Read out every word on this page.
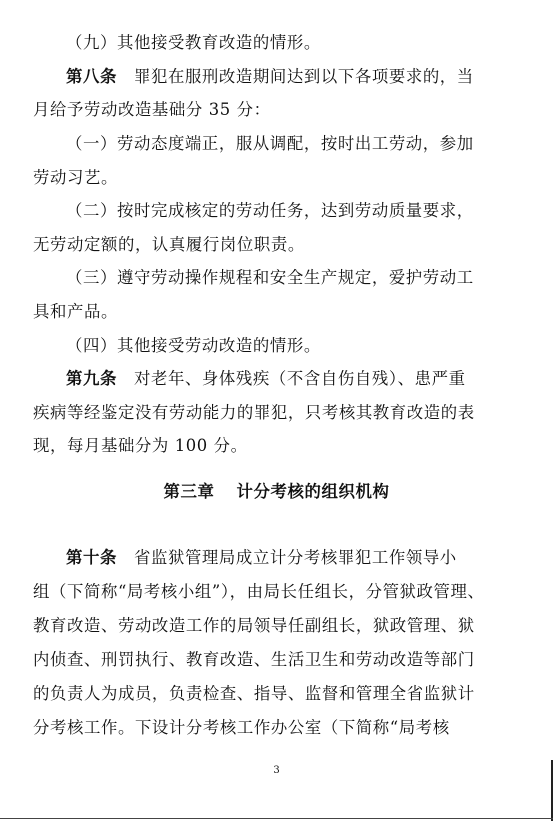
（九）其他接受教育改造的情形。
第八条　罪犯在服刑改造期间达到以下各项要求的，当
月给予劳动改造基础分 35 分：
（一）劳动态度端正，服从调配，按时出工劳动，参加
劳动习艺。
（二）按时完成核定的劳动任务，达到劳动质量要求，
无劳动定额的，认真履行岗位职责。
（三）遵守劳动操作规程和安全生产规定，爱护劳动工
具和产品。
（四）其他接受劳动改造的情形。
第九条　对老年、身体残疾（不含自伤自残）、患严重
疾病等经鉴定没有劳动能力的罪犯，只考核其教育改造的表
现，每月基础分为 100 分。
第三章 计分考核的组织机构
第十条　省监狱管理局成立计分考核罪犯工作领导小
组（下简称“局考核小组”），由局长任组长，分管狱政管理、
教育改造、劳动改造工作的局领导任副组长，狱政管理、狱
内侦查、刑罚执行、教育改造、生活卫生和劳动改造等部门
的负责人为成员，负责检查、指导、监督和管理全省监狱计
分考核工作。下设计分考核工作办公室（下简称“局考核
3
